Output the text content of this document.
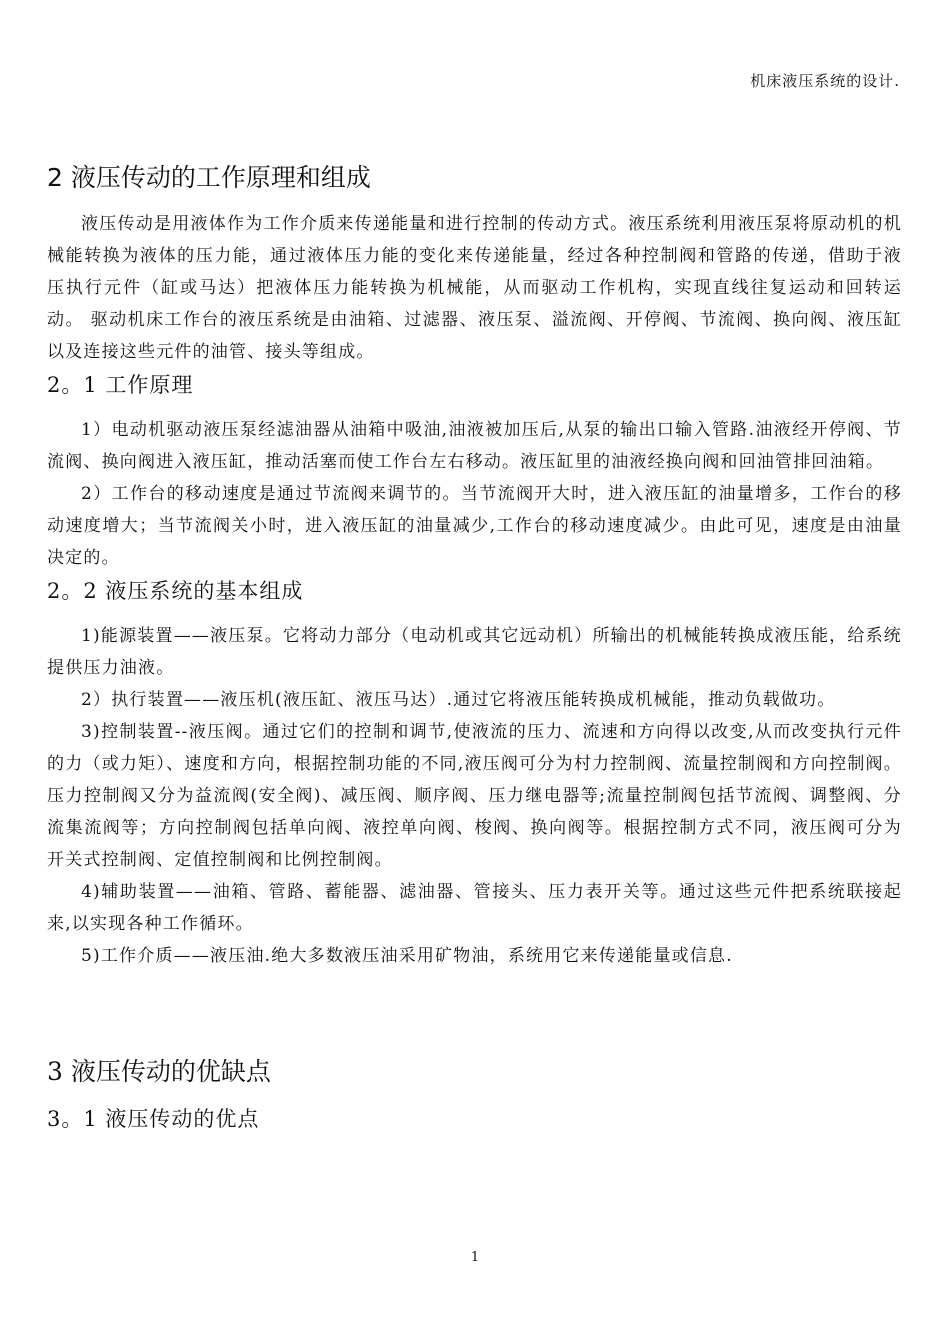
机床液压系统的设计.
2 液压传动的工作原理和组成

液压传动是用液体作为工作介质来传递能量和进行控制的传动方式。液压系统利用液压泵将原动机的机械能转换为液体的压力能，通过液体压力能的变化来传递能量，经过各种控制阀和管路的传递，借助于液压执行元件（缸或马达）把液体压力能转换为机械能，从而驱动工作机构，实现直线往复运动和回转运动。 驱动机床工作台的液压系统是由油箱、过滤器、液压泵、溢流阀、开停阀、节流阀、换向阀、液压缸以及连接这些元件的油管、接头等组成。

2。1 工作原理

1）电动机驱动液压泵经滤油器从油箱中吸油,油液被加压后,从泵的输出口输入管路.油液经开停阀、节流阀、换向阀进入液压缸，推动活塞而使工作台左右移动。液压缸里的油液经换向阀和回油管排回油箱。

2）工作台的移动速度是通过节流阀来调节的。当节流阀开大时，进入液压缸的油量增多，工作台的移动速度增大；当节流阀关小时，进入液压缸的油量减少,工作台的移动速度减少。由此可见，速度是由油量决定的。

2。2 液压系统的基本组成

1)能源装置——液压泵。它将动力部分（电动机或其它远动机）所输出的机械能转换成液压能，给系统提供压力油液。

2）执行装置——液压机(液压缸、液压马达）.通过它将液压能转换成机械能，推动负载做功。

3)控制装置--液压阀。通过它们的控制和调节,使液流的压力、流速和方向得以改变,从而改变执行元件的力（或力矩）、速度和方向，根据控制功能的不同,液压阀可分为村力控制阀、流量控制阀和方向控制阀。压力控制阀又分为益流阀(安全阀)、减压阀、顺序阀、压力继电器等;流量控制阀包括节流阀、调整阀、分流集流阀等；方向控制阀包括单向阀、液控单向阀、梭阀、换向阀等。根据控制方式不同，液压阀可分为开关式控制阀、定值控制阀和比例控制阀。

4)辅助装置——油箱、管路、蓄能器、滤油器、管接头、压力表开关等。通过这些元件把系统联接起来,以实现各种工作循环。

5)工作介质——液压油.绝大多数液压油采用矿物油，系统用它来传递能量或信息.

3 液压传动的优缺点
3。1 液压传动的优点
1
